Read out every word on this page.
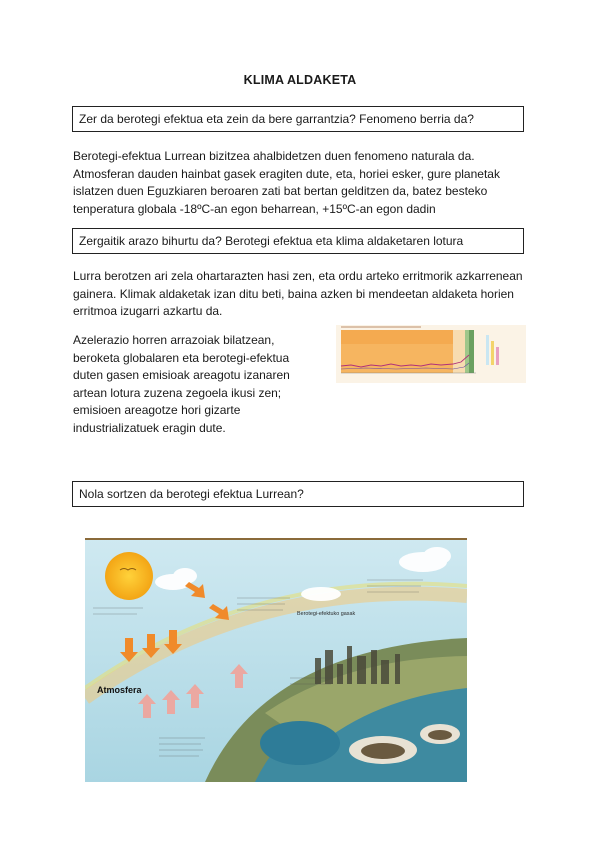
KLIMA ALDAKETA
Zer da berotegi efektua eta zein da bere garrantzia? Fenomeno berria da?
Berotegi-efektua Lurrean bizitzea ahalbidetzen duen fenomeno naturala da.
Atmosferan dauden hainbat gasek eragiten dute, eta, horiei esker, gure planetak
islatzen duen Eguzkiaren beroaren zati bat bertan gelditzen da, batez besteko
tenperatura globala -18ºC-an egon beharrean, +15ºC-an egon dadin
Zergaitik arazo bihurtu da? Berotegi efektua eta klima aldaketaren lotura
Lurra berotzen ari zela ohartarazten hasi zen, eta ordu arteko erritmorik azkarrenean
gainera. Klimak aldaketak izan ditu beti, baina azken bi mendeetan aldaketa horien
erritmoa izugarri azkartu da.
Azelerazio horren arrazoiak bilatzean,
beroketa globalaren eta berotegi-efektua
duten gasen emisioak areagotu izanaren
artean lotura zuzena zegoela ikusi zen;
emisioen areagotze hori gizarte
industrializatuek eragin dute.
Nola sortzen da berotegi efektua Lurrean?
Berotegi-efektuko gasak
Atmosfera
